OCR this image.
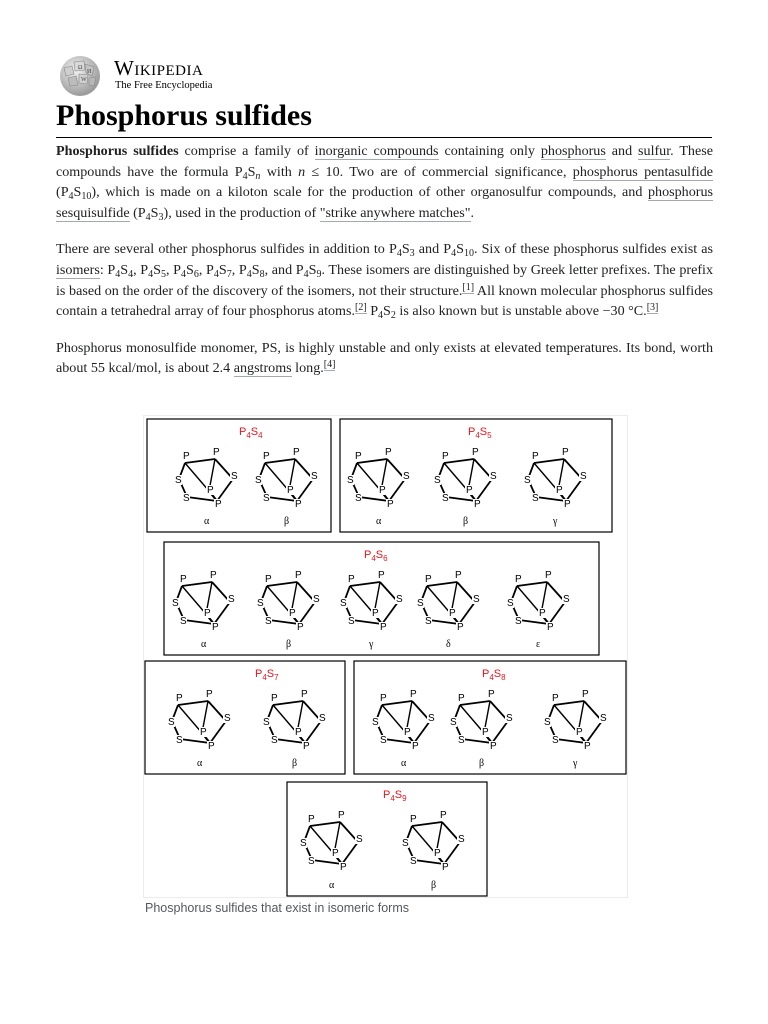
Ω
И
W Wikipedia
The Free Encyclopedia
Phosphorus sulfides

Phosphorus sulfides comprise a family of inorganic compounds containing only phosphorus and sulfur. These compounds have the formula $P_4S_n$ with n ≤ 10. Two are of commercial significance, phosphorus pentasulfide $(P_4S_{10})$, which is made on a kiloton scale for the production of other organosulfur compounds, and phosphorus sesquisulfide $(P_4S_3)$, used in the production of "strike anywhere matches".

There are several other phosphorus sulfides in addition to $P_4S_3$ and $P_4S_{10}$. Six of these phosphorus sulfides exist as isomers: $P_4S_4$, $P_4S_5$, $P_4S_6$, $P_4S_7$, $P_4S_8$, and $P_4S_9$. These isomers are distinguished by Greek letter prefixes. The prefix is based on the order of the discovery of the isomers, not their structure.[1] All known molecular phosphorus sulfides contain a tetrahedral array of four phosphorus atoms.[2] $P_4S_2$ is also known but is unstable above −30 °C.[3]

Phosphorus monosulfide monomer, PS, is highly unstable and only exists at elevated temperatures. Its bond, worth about 55 kcal/mol, is about 2.4 angstroms long.[4]

$P_4S_4$
P P
S
P
S
S
P
α
P P
S
P
S
S
P
β
$P_4S_5$
P P
S
P
S
S
P
α
P P
S
P
S
S
P
β
P P
S
P
S
S
P
γ
$P_4S_6$
P P
S
P
S
S
P
α
P P
S
P
S
S
P
β
P P
S
P
S
S
P
γ
P P
S
P
S
S
P
δ
P P
S
P
S
S
P
ε
$P_4S_7$
P P
S
P
S
S
P
α
P P
S
P
S
S
P
β
$P_4S_8$
P P
S
P
S
S
P
α
P P
S
P
S
S
P
β
P P
S
P
S
S
P
γ
$P_4S_9$
P P
S
P
S
S
P
α
P P
S
P
S
S
P
β
Phosphorus sulfides that exist in isomeric forms
